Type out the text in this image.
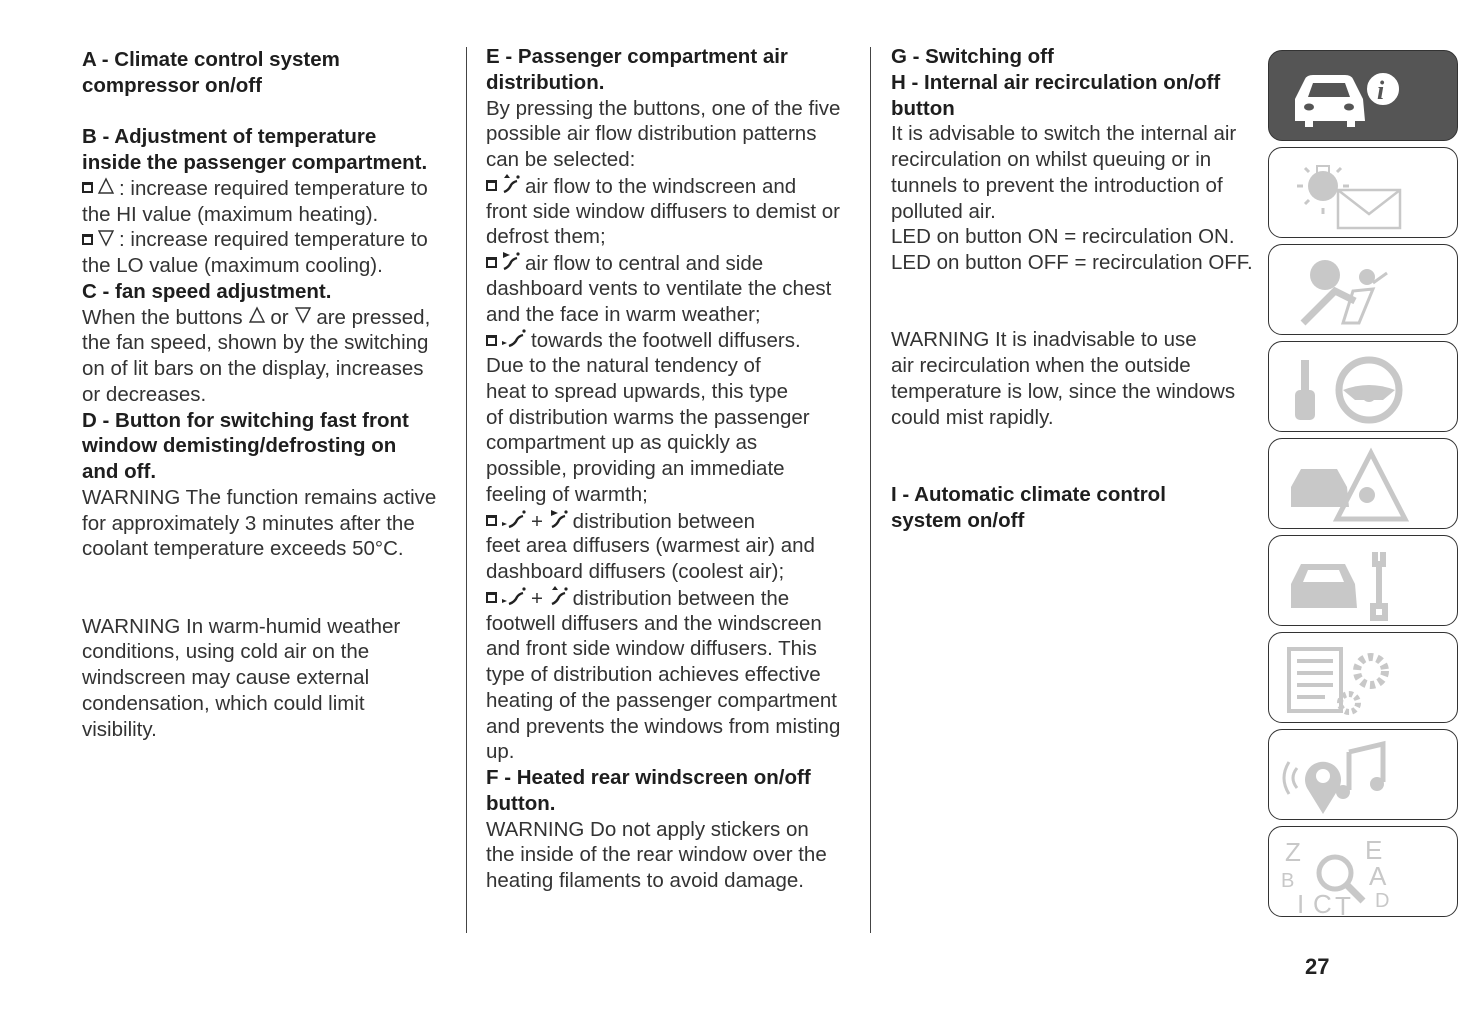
A - Climate control system
compressor on/off
B - Adjustment of temperature
inside the passenger compartment.
: increase required temperature to
the HI value (maximum heating).
: increase required temperature to
the LO value (maximum cooling).
C - fan speed adjustment.
When the buttons or are pressed,
the fan speed, shown by the switching
on of lit bars on the display, increases
or decreases.
D - Button for switching fast front
window demisting/defrosting on
and off.
WARNING The function remains active
for approximately 3 minutes after the
coolant temperature exceeds 50°C.
WARNING In warm-humid weather
conditions, using cold air on the
windscreen may cause external
condensation, which could limit
visibility.
E - Passenger compartment air
distribution.
By pressing the buttons, one of the five
possible air flow distribution patterns
can be selected:
air flow to the windscreen and
front side window diffusers to demist or
defrost them;
air flow to central and side
dashboard vents to ventilate the chest
and the face in warm weather;
towards the footwell diffusers.
Due to the natural tendency of
heat to spread upwards, this type
of distribution warms the passenger
compartment up as quickly as
possible, providing an immediate
feeling of warmth;
+ distribution between
feet area diffusers (warmest air) and
dashboard diffusers (coolest air);
+ distribution between the
footwell diffusers and the windscreen
and front side window diffusers. This
type of distribution achieves effective
heating of the passenger compartment
and prevents the windows from misting
up.
F - Heated rear windscreen on/off
button.
WARNING Do not apply stickers on
the inside of the rear window over the
heating filaments to avoid damage.
G - Switching off
H - Internal air recirculation on/off
button
It is advisable to switch the internal air
recirculation on whilst queuing or in
tunnels to prevent the introduction of
polluted air.
LED on button ON = recirculation ON.
LED on button OFF = recirculation OFF.
WARNING It is inadvisable to use
air recirculation when the outside
temperature is low, since the windows
could mist rapidly.
I - Automatic climate control
system on/off
i
Z E
B	A
D
I C T
27
